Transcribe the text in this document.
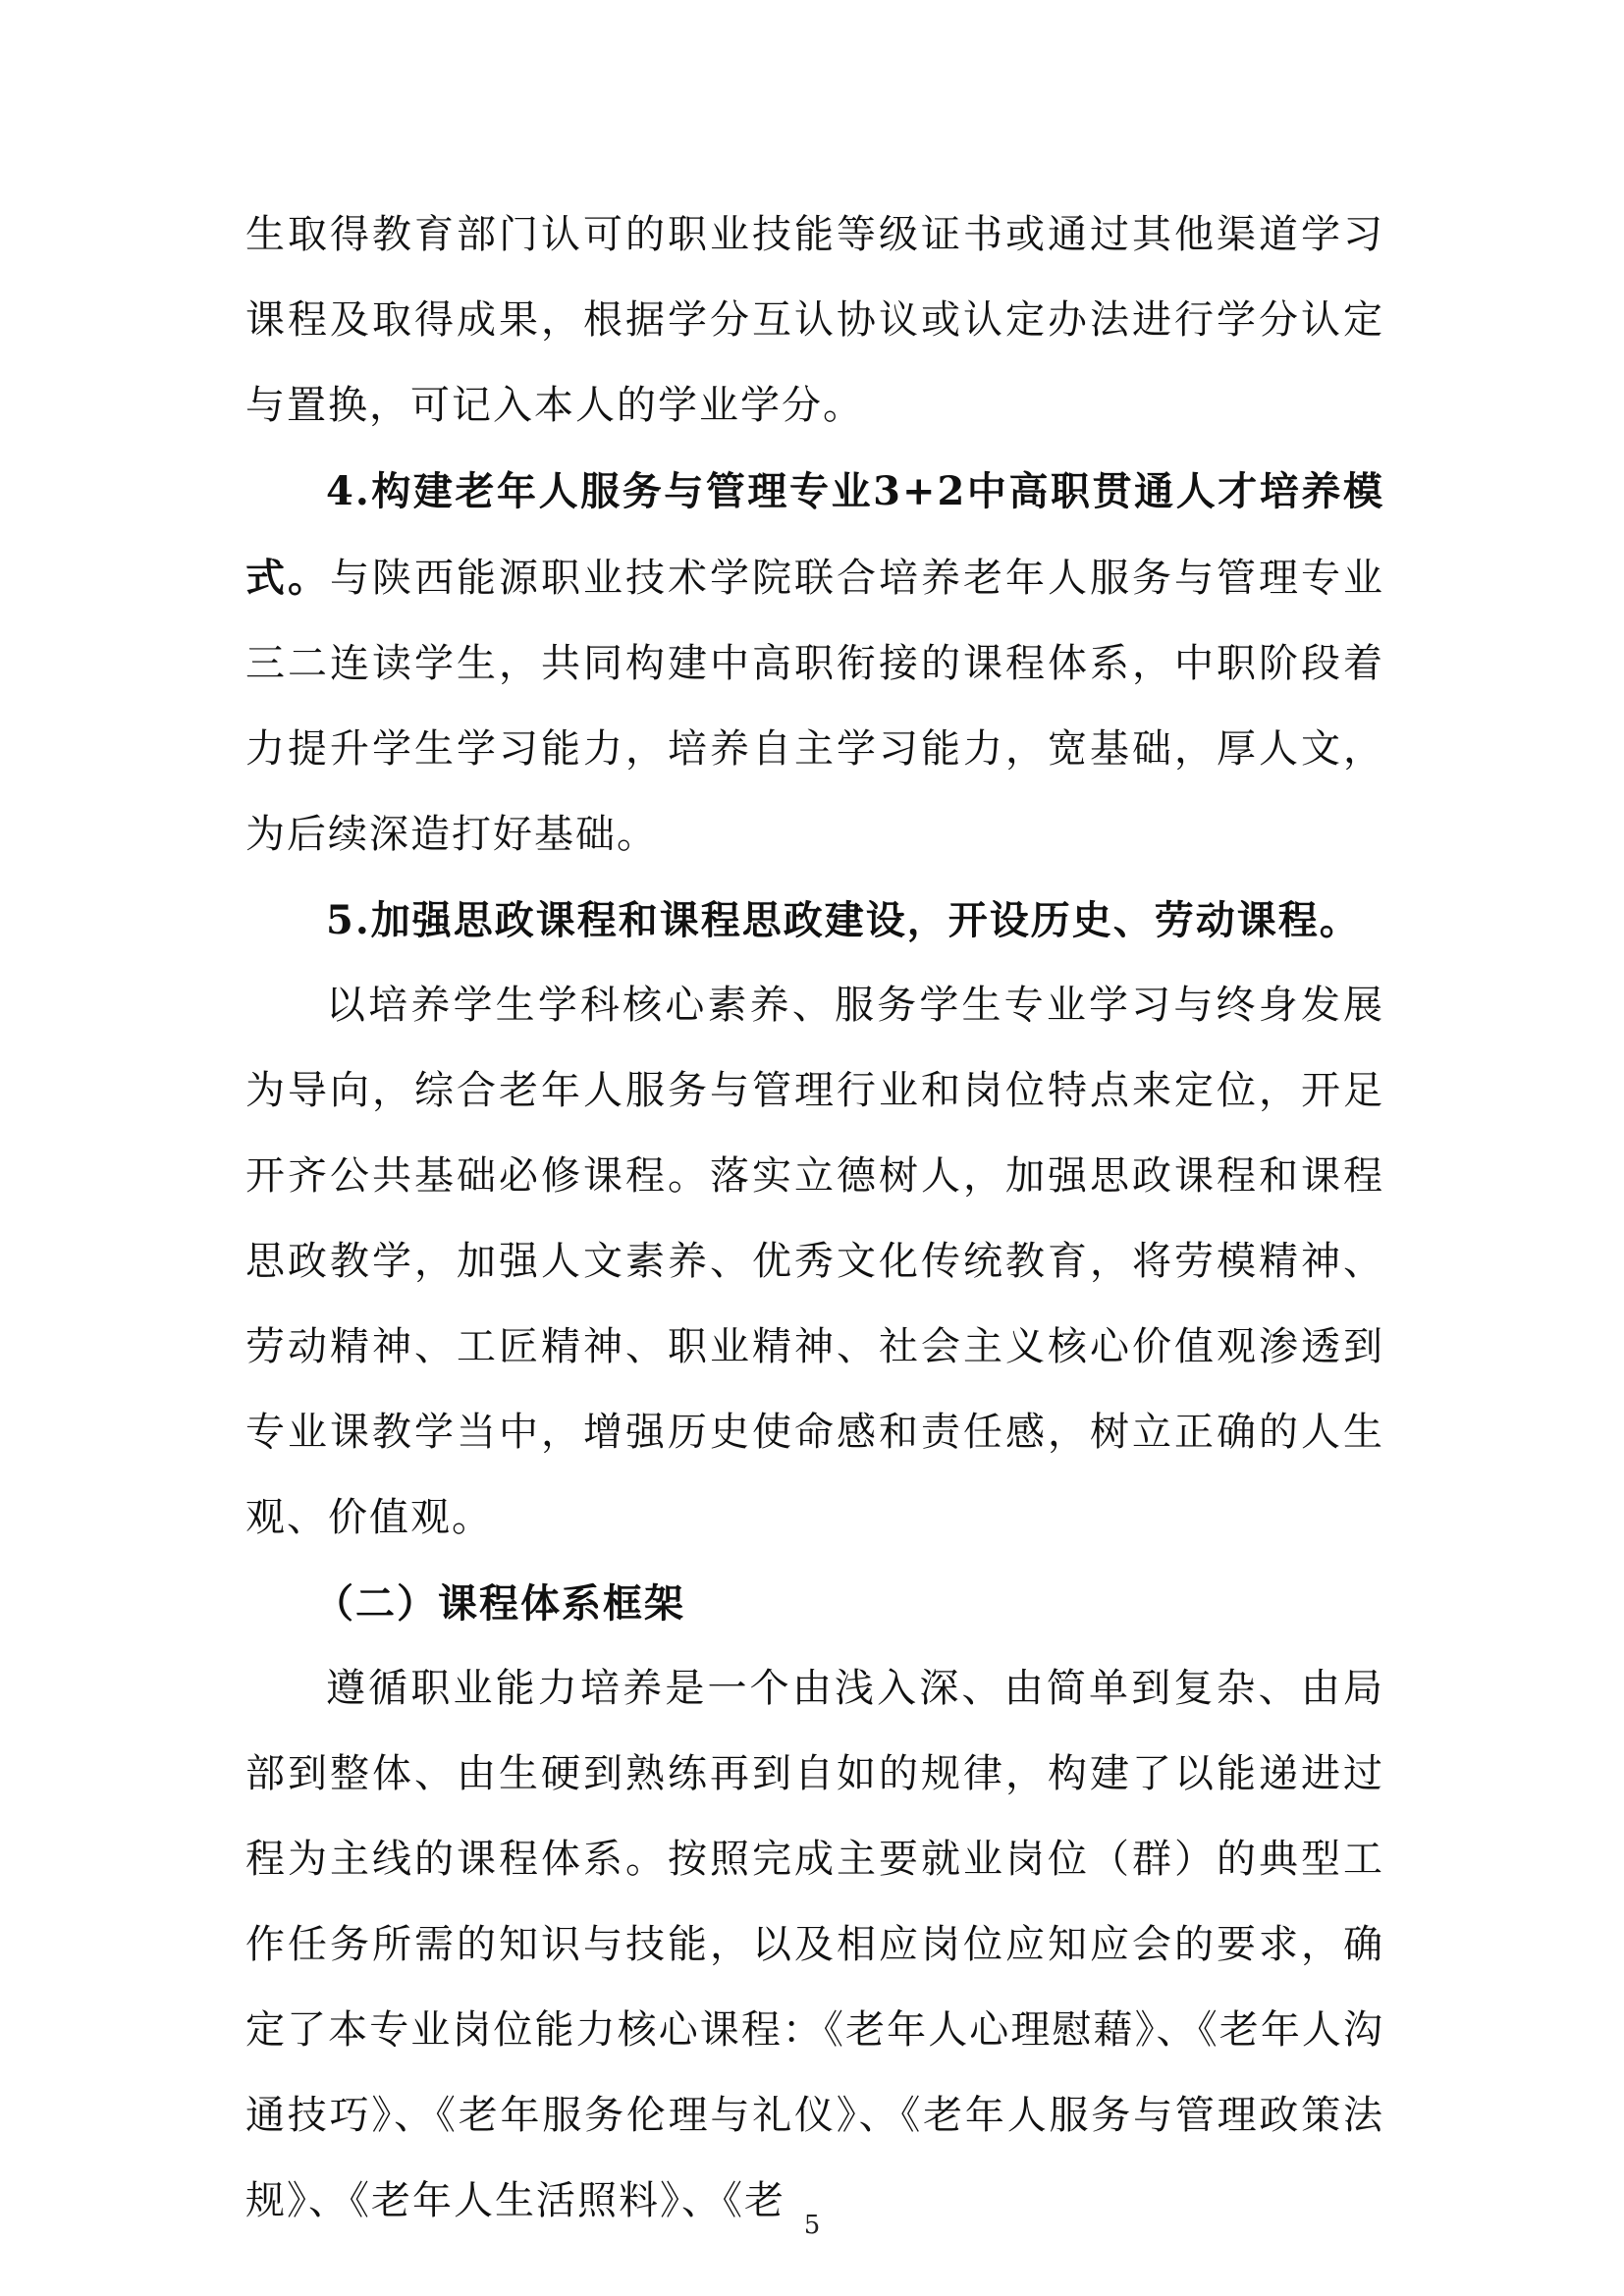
生取得教育部门认可的职业技能等级证书或通过其他渠道学习课程及取得成果，根据学分互认协议或认定办法进行学分认定与置换，可记入本人的学业学分。

4.构建老年人服务与管理专业3+2中高职贯通人才培养模式。与陕西能源职业技术学院联合培养老年人服务与管理专业三二连读学生，共同构建中高职衔接的课程体系，中职阶段着力提升学生学习能力，培养自主学习能力，宽基础，厚人文，为后续深造打好基础。

5.加强思政课程和课程思政建设，开设历史、劳动课程。

以培养学生学科核心素养、服务学生专业学习与终身发展为导向，综合老年人服务与管理行业和岗位特点来定位，开足开齐公共基础必修课程。落实立德树人，加强思政课程和课程思政教学，加强人文素养、优秀文化传统教育，将劳模精神、劳动精神、工匠精神、职业精神、社会主义核心价值观渗透到专业课教学当中，增强历史使命感和责任感，树立正确的人生观、价值观。

（二）课程体系框架

遵循职业能力培养是一个由浅入深、由简单到复杂、由局部到整体、由生硬到熟练再到自如的规律，构建了以能递进过程为主线的课程体系。按照完成主要就业岗位（群）的典型工作任务所需的知识与技能，以及相应岗位应知应会的要求，确定了本专业岗位能力核心课程：《老年人心理慰藉》、《老年人沟通技巧》、《老年服务伦理与礼仪》、《老年人服务与管理政策法规》、《老年人生活照料》、《老

5
